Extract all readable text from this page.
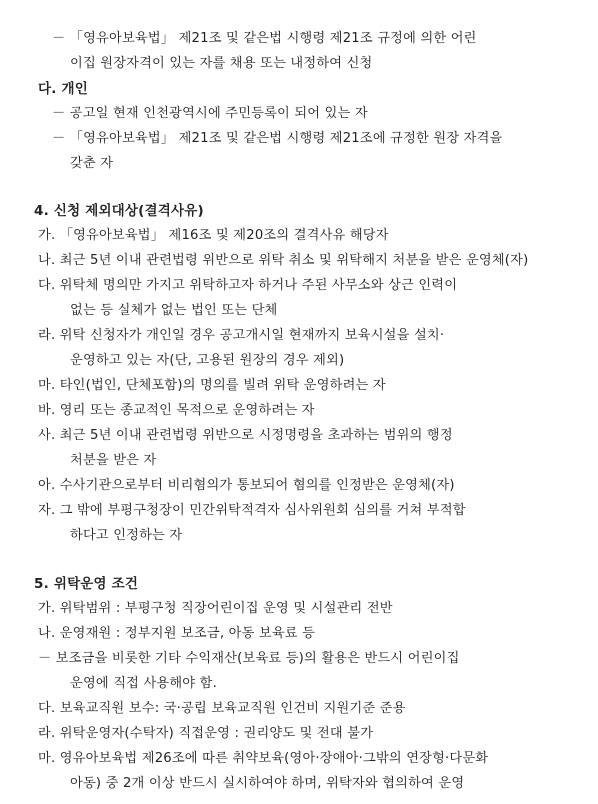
－ 「영유아보육법」 제21조 및 같은법 시행령 제21조 규정에 의한 어린
이집 원장자격이 있는 자를 채용 또는 내정하여 신청
다. 개인
－ 공고일 현재 인천광역시에 주민등록이 되어 있는 자
－ 「영유아보육법」 제21조 및 같은법 시행령 제21조에 규정한 원장 자격을
갖춘 자
4. 신청 제외대상(결격사유)
가. 「영유아보육법」 제16조 및 제20조의 결격사유 해당자
나. 최근 5년 이내 관련법령 위반으로 위탁 취소 및 위탁해지 처분을 받은 운영체(자)
다. 위탁체 명의만 가지고 위탁하고자 하거나 주된 사무소와 상근 인력이
없는 등 실체가 없는 법인 또는 단체
라. 위탁 신청자가 개인일 경우 공고개시일 현재까지 보육시설을 설치·
운영하고 있는 자(단, 고용된 원장의 경우 제외)
마. 타인(법인, 단체포함)의 명의를 빌려 위탁 운영하려는 자
바. 영리 또는 종교적인 목적으로 운영하려는 자
사. 최근 5년 이내 관련법령 위반으로 시정명령을 초과하는 범위의 행정
처분을 받은 자
아. 수사기관으로부터 비리혐의가 통보되어 혐의를 인정받은 운영체(자)
자. 그 밖에 부평구청장이 민간위탁적격자 심사위원회 심의를 거쳐 부적합
하다고 인정하는 자
5. 위탁운영 조건
가. 위탁범위 : 부평구청 직장어린이집 운영 및 시설관리 전반
나. 운영재원 : 정부지원 보조금, 아동 보육료 등
－ 보조금을 비롯한 기타 수익재산(보육료 등)의 활용은 반드시 어린이집
운영에 직접 사용해야 함.
다. 보육교직원 보수: 국·공립 보육교직원 인건비 지원기준 준용
라. 위탁운영자(수탁자) 직접운영 : 권리양도 및 전대 불가
마. 영유아보육법 제26조에 따른 취약보육(영아·장애아·그밖의 연장형·다문화
아동) 중 2개 이상 반드시 실시하여야 하며, 위탁자와 협의하여 운영
